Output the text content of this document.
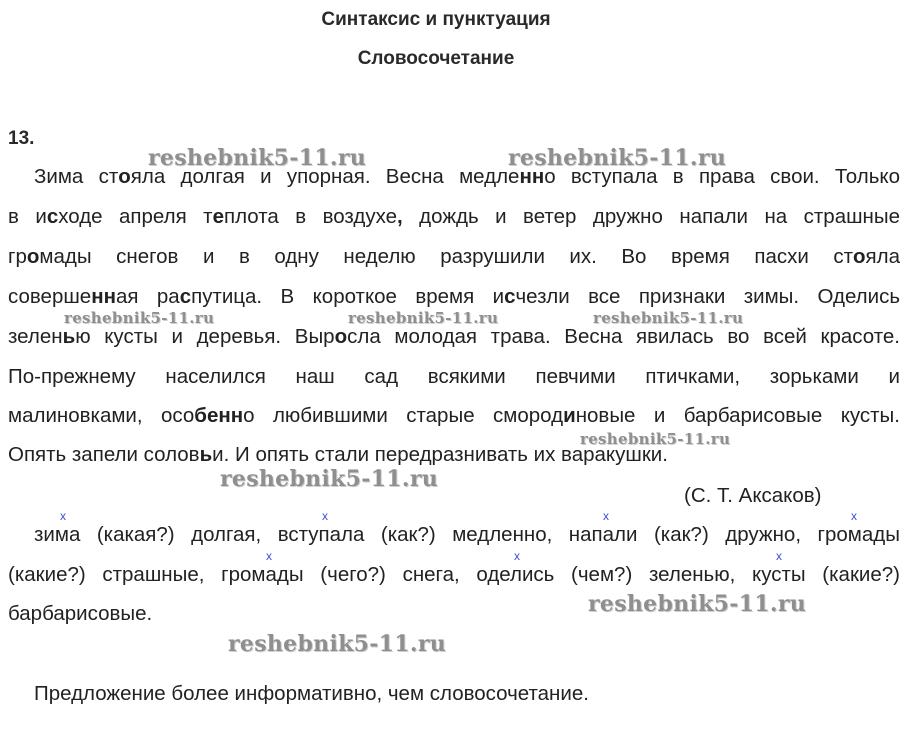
Синтаксис и пунктуация
Словосочетание
13.
Зима стояла долгая и упорная. Весна медленно вступала в права свои. Только
в исходе апреля теплота в воздухе, дождь и ветер дружно напали на страшные
громады снегов и в одну неделю разрушили их. Во время пасхи стояла
совершенная распутица. В короткое время исчезли все признаки зимы. Оделись
зеленью кусты и деревья. Выросла молодая трава. Весна явилась во всей красоте.
По-прежнему населился наш сад всякими певчими птичками, зорьками и
малиновками, особенно любившими старые смородиновые и барбарисовые кусты.
Опять запели соловьи. И опять стали передразнивать их варакушки.
(С. Т. Аксаков)
зима (какая?) долгая, вступала (как?) медленно, напали (как?) дружно, громады
(какие?) страшные, громады (чего?) снега, оделись (чем?) зеленью, кусты (какие?)
барбарисовые.
x	x	x	x
x	x	x
Предложение более информативно, чем словосочетание.
reshebnik5-11.ru	reshebnik5-11.ru
reshebnik5-11.ru	reshebnik5-11.ru	reshebnik5-11.ru
reshebnik5-11.ru
reshebnik5-11.ru
reshebnik5-11.ru
reshebnik5-11.ru
